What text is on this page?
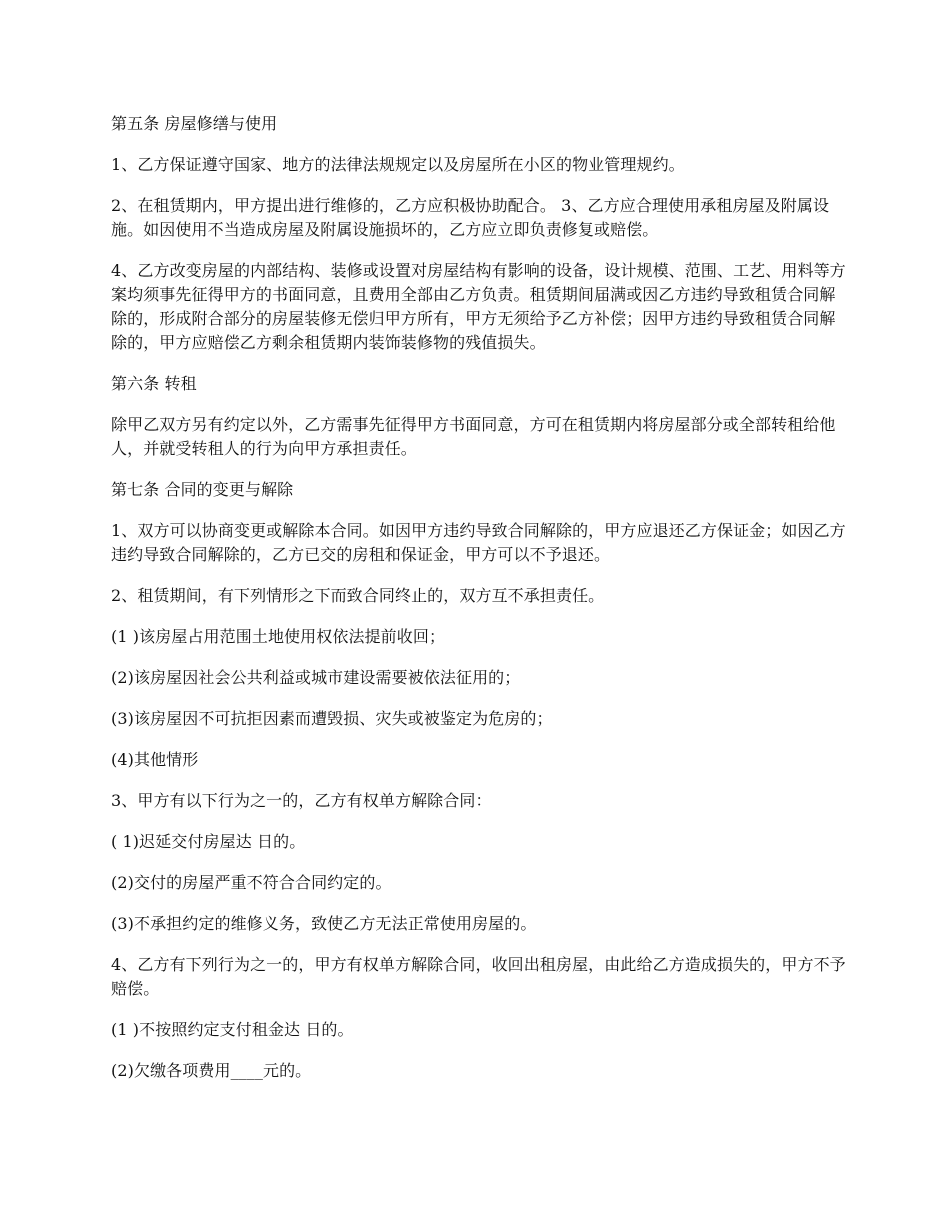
第五条 房屋修缮与使用

1、乙方保证遵守国家、地方的法律法规规定以及房屋所在小区的物业管理规约。

2、在租赁期内，甲方提出进行维修的，乙方应积极协助配合。 3、乙方应合理使用承租房屋及附属设施。如因使用不当造成房屋及附属设施损坏的，乙方应立即负责修复或赔偿。

4、乙方改变房屋的内部结构、装修或设置对房屋结构有影响的设备，设计规模、范围、工艺、用料等方案均须事先征得甲方的书面同意，且费用全部由乙方负责。租赁期间届满或因乙方违约导致租赁合同解除的，形成附合部分的房屋装修无偿归甲方所有，甲方无须给予乙方补偿；因甲方违约导致租赁合同解除的，甲方应赔偿乙方剩余租赁期内装饰装修物的残值损失。

第六条 转租

除甲乙双方另有约定以外，乙方需事先征得甲方书面同意，方可在租赁期内将房屋部分或全部转租给他人，并就受转租人的行为向甲方承担责任。

第七条 合同的变更与解除

1、双方可以协商变更或解除本合同。如因甲方违约导致合同解除的，甲方应退还乙方保证金；如因乙方违约导致合同解除的，乙方已交的房租和保证金，甲方可以不予退还。

2、租赁期间，有下列情形之下而致合同终止的，双方互不承担责任。

(1 )该房屋占用范围土地使用权依法提前收回；

(2)该房屋因社会公共利益或城市建设需要被依法征用的；

(3)该房屋因不可抗拒因素而遭毁损、灾失或被鉴定为危房的；

(4)其他情形

3、甲方有以下行为之一的，乙方有权单方解除合同：

( 1)迟延交付房屋达 日的。

(2)交付的房屋严重不符合合同约定的。

(3)不承担约定的维修义务，致使乙方无法正常使用房屋的。

4、乙方有下列行为之一的，甲方有权单方解除合同，收回出租房屋，由此给乙方造成损失的，甲方不予赔偿。

(1 )不按照约定支付租金达 日的。

(2)欠缴各项费用____元的。
